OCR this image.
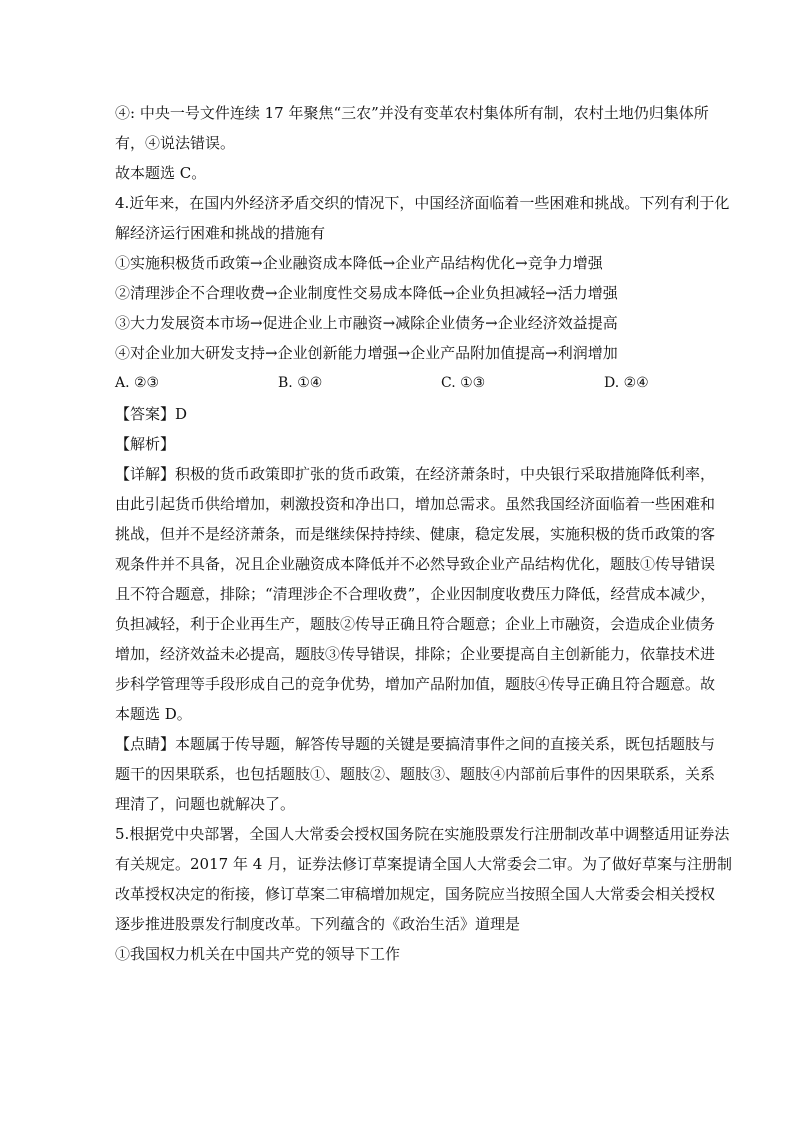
④: 中央一号文件连续 17 年聚焦“三农”并没有变革农村集体所有制，农村土地仍归集体所
有，④说法错误。
故本题选 C。
4.近年来，在国内外经济矛盾交织的情况下，中国经济面临着一些困难和挑战。下列有利于化
解经济运行困难和挑战的措施有
①实施积极货币政策→企业融资成本降低→企业产品结构优化→竞争力增强
②清理涉企不合理收费→企业制度性交易成本降低→企业负担减轻→活力增强
③大力发展资本市场→促进企业上市融资→减除企业债务→企业经济效益提高
④对企业加大研发支持→企业创新能力增强→企业产品附加值提高→利润增加
A. ②③	B. ①④	C. ①③	D. ②④
【答案】D
【解析】
【详解】积极的货币政策即扩张的货币政策，在经济萧条时，中央银行采取措施降低利率，
由此引起货币供给增加，刺激投资和净出口，增加总需求。虽然我国经济面临着一些困难和
挑战，但并不是经济萧条，而是继续保持持续、健康，稳定发展，实施积极的货币政策的客
观条件并不具备，况且企业融资成本降低并不必然导致企业产品结构优化，题肢①传导错误
且不符合题意，排除；“清理涉企不合理收费”，企业因制度收费压力降低，经营成本减少，
负担减轻，利于企业再生产，题肢②传导正确且符合题意；企业上市融资，会造成企业债务
增加，经济效益未必提高，题肢③传导错误，排除；企业要提高自主创新能力，依靠技术进
步科学管理等手段形成自己的竞争优势，增加产品附加值，题肢④传导正确且符合题意。故
本题选 D。
【点睛】本题属于传导题，解答传导题的关键是要搞清事件之间的直接关系，既包括题肢与
题干的因果联系，也包括题肢①、题肢②、题肢③、题肢④内部前后事件的因果联系，关系
理清了，问题也就解决了。
5.根据党中央部署，全国人大常委会授权国务院在实施股票发行注册制改革中调整适用证券法
有关规定。2017 年 4 月，证券法修订草案提请全国人大常委会二审。为了做好草案与注册制
改革授权决定的衔接，修订草案二审稿增加规定，国务院应当按照全国人大常委会相关授权
逐步推进股票发行制度改革。下列蕴含的《政治生活》道理是
①我国权力机关在中国共产党的领导下工作
